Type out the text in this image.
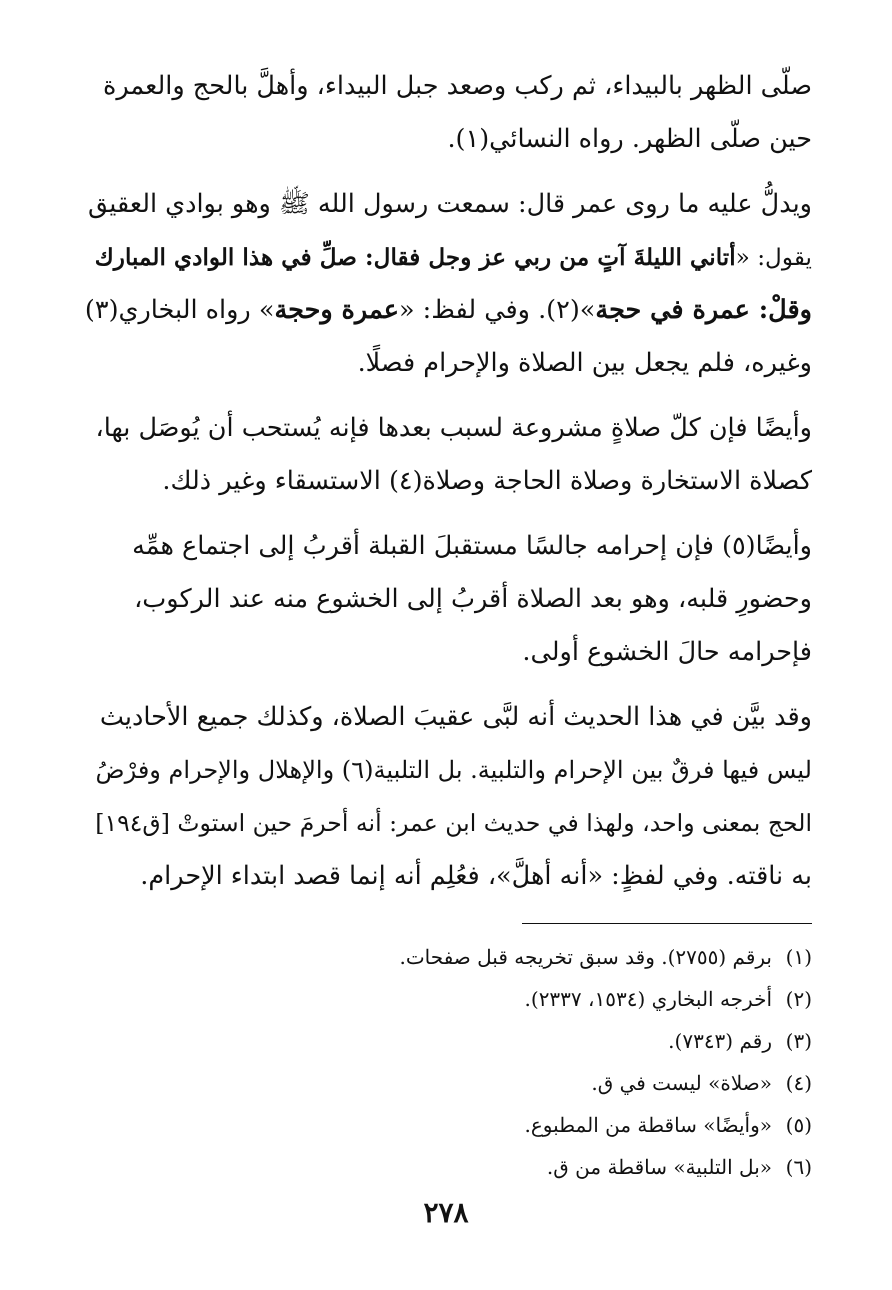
صلّى الظهر بالبيداء، ثم ركب وصعد جبل البيداء، وأهلَّ بالحج والعمرة
حين صلّى الظهر. رواه النسائي(١).

ويدلُّ عليه ما روى عمر قال: سمعت رسول الله ﷺ وهو بوادي العقيق
يقول: «أتاني الليلةَ آتٍ من ربي عز وجل فقال: صلِّ في هذا الوادي المبارك
وقلْ: عمرة في حجة»(٢). وفي لفظ: «عمرة وحجة» رواه البخاري(٣)
وغيره، فلم يجعل بين الصلاة والإحرام فصلًا.

وأيضًا فإن كلّ صلاةٍ مشروعة لسبب بعدها فإنه يُستحب أن يُوصَل بها،
كصلاة الاستخارة وصلاة الحاجة وصلاة(٤) الاستسقاء وغير ذلك.

وأيضًا(٥) فإن إحرامه جالسًا مستقبلَ القبلة أقربُ إلى اجتماع همِّه
وحضورِ قلبه، وهو بعد الصلاة أقربُ إلى الخشوع منه عند الركوب،
فإحرامه حالَ الخشوع أولى.

وقد بيَّن في هذا الحديث أنه لبَّى عقيبَ الصلاة، وكذلك جميع الأحاديث
ليس فيها فرقٌ بين الإحرام والتلبية. بل التلبية(٦) والإهلال والإحرام وفرْضُ
الحج بمعنى واحد، ولهذا في حديث ابن عمر: أنه أحرمَ حين استوتْ [ق١٩٤]
به ناقته. وفي لفظٍ: «أنه أهلَّ»، فعُلِم أنه إنما قصد ابتداء الإحرام.

(١)برقم (٢٧٥٥). وقد سبق تخريجه قبل صفحات.
(٢)أخرجه البخاري (١٥٣٤، ٢٣٣٧).
(٣)رقم (٧٣٤٣).
(٤)«صلاة» ليست في ق.
(٥)«وأيضًا» ساقطة من المطبوع.
(٦)«بل التلبية» ساقطة من ق.
٢٧٨
